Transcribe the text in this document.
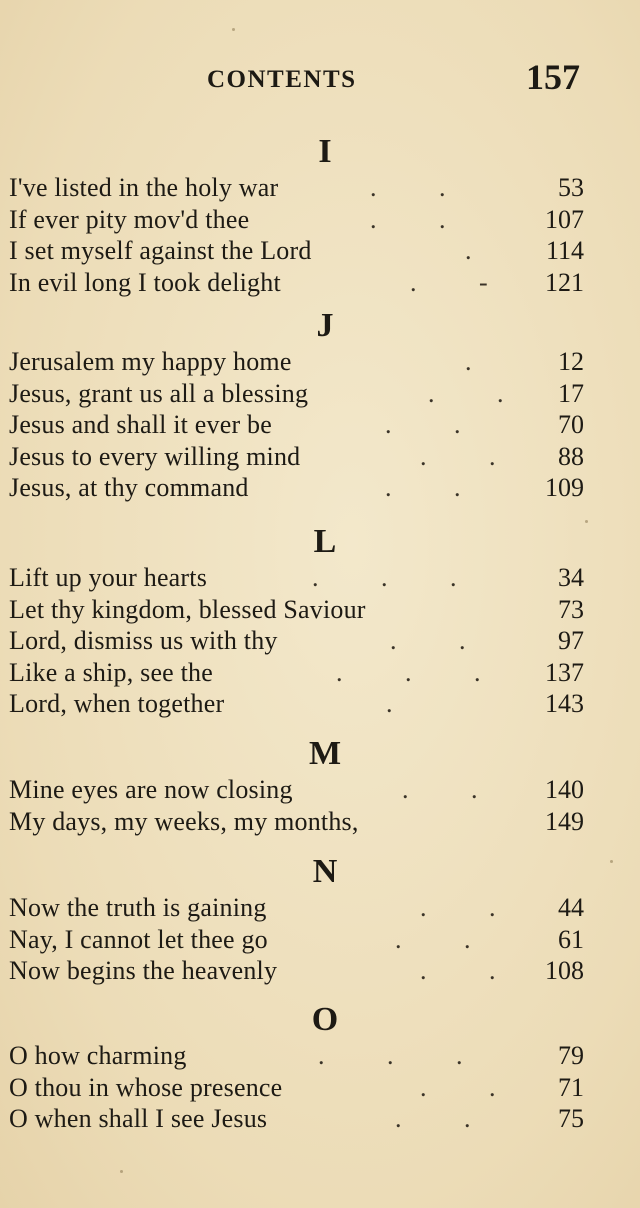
CONTENTS	157
I
I've listed in the holy war	. .	53
If ever pity mov'd thee	. .	107
I set myself against the Lord	.	114
In evil long I took delight	. -	121
J
Jerusalem my happy home	.	12
Jesus, grant us all a blessing	. .	17
Jesus and shall it ever be	. .	70
Jesus to every willing mind	. .	88
Jesus, at thy command	. .	109
L
Lift up your hearts	. . .	34
Let thy kingdom, blessed Saviour	73
Lord, dismiss us with thy	. .	97
Like a ship, see the	. . . 137
Lord, when together	.	143
M
Mine eyes are now closing	. .	140
My days, my weeks, my months,	149
N
Now the truth is gaining	. .	44
Nay, I cannot let thee go	. .	61
Now begins the heavenly	. . 108
O
O how charming	. . .	79
O thou in whose presence	. .	71
O when shall I see Jesus	. .	75
